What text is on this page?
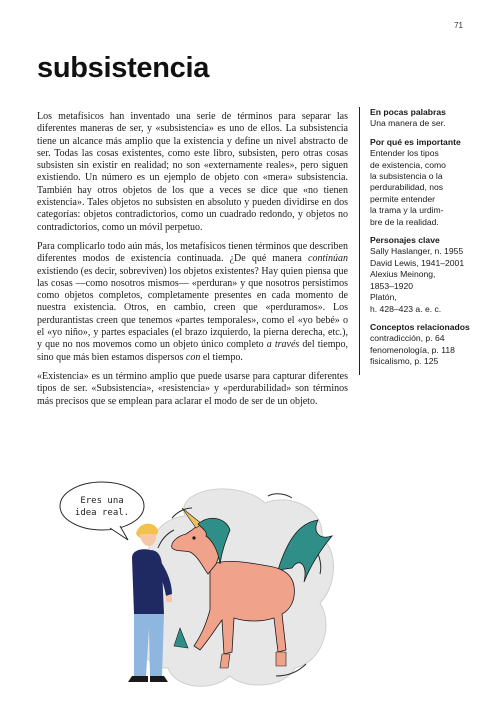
71
subsistencia

Los metafísicos han inventado una serie de términos para separar las diferentes maneras de ser, y «subsistencia» es uno de ellos. La subsistencia tiene un alcance más amplio que la existencia y define un nivel abstracto de ser. Todas las cosas existentes, como este libro, subsisten, pero otras cosas subsisten sin existir en realidad; no son «externamente reales», pero siguen existiendo. Un número es un ejemplo de objeto con «mera» subsistencia. También hay otros objetos de los que a veces se dice que «no tienen existencia». Tales objetos no subsisten en absoluto y pueden dividirse en dos categorías: objetos contradictorios, como un cuadrado redondo, y objetos no contradictorios, como un móvil perpetuo.

Para complicarlo todo aún más, los metafísicos tienen términos que describen diferentes modos de existencia continuada. ¿De qué manera continúan existiendo (es decir, sobreviven) los objetos existentes? Hay quien piensa que las cosas —como nosotros mismos— «perduran» y que nosotros persistimos como objetos completos, completamente presentes en cada momento de nuestra existencia. Otros, en cambio, creen que «perduramos». Los perdurantistas creen que tenemos «partes temporales», como el «yo bebé» o el «yo niño», y partes espaciales (el brazo izquierdo, la pierna derecha, etc.), y que no nos movemos como un objeto único completo a través del tiempo, sino que más bien estamos dispersos con el tiempo.

«Existencia» es un término amplio que puede usarse para capturar diferentes tipos de ser. «Subsistencia», «resistencia» y «perdurabilidad» son términos más precisos que se emplean para aclarar el modo de ser de un objeto.

En pocas palabras
Una manera de ser.
Por qué es importante
Entender los tipos
de existencia, como
la subsistencia o la
perdurabilidad, nos
permite entender
la trama y la urdim-
bre de la realidad.
Personajes clave
Sally Haslanger, n. 1955
David Lewis, 1941–2001
Alexius Meinong,
1853–1920
Platón,
h. 428–423 a. e. c.
Conceptos relacionados
contradicción, p. 64
fenomenología, p. 118
fisicalismo, p. 125
Eres una
idea real.
